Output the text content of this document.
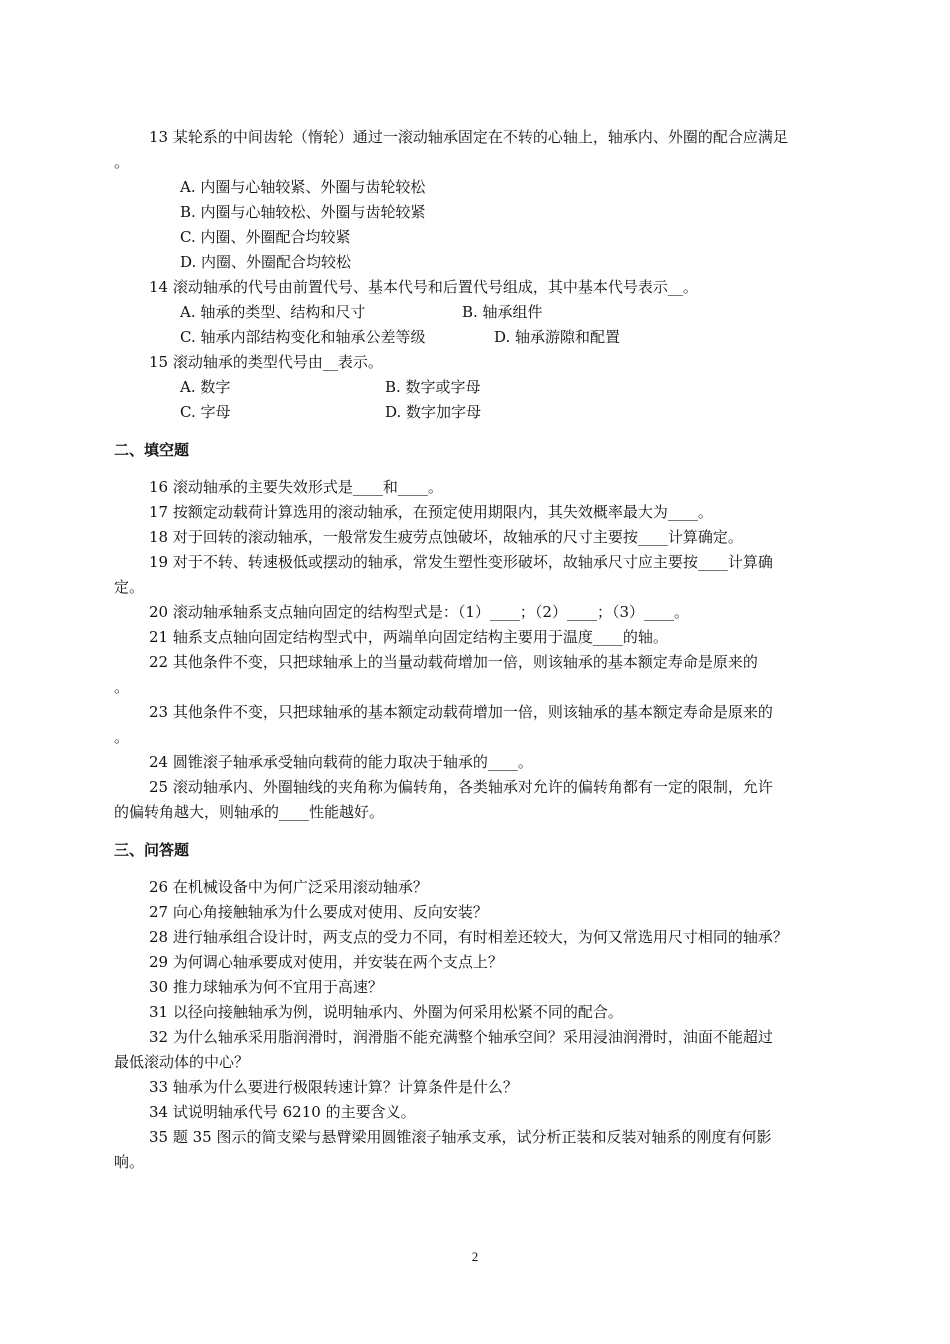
13 某轮系的中间齿轮（惰轮）通过一滚动轴承固定在不转的心轴上，轴承内、外圈的配合应满足
。
A. 内圈与心轴较紧、外圈与齿轮较松
B. 内圈与心轴较松、外圈与齿轮较紧
C. 内圈、外圈配合均较紧
D. 内圈、外圈配合均较松
14 滚动轴承的代号由前置代号、基本代号和后置代号组成，其中基本代号表示__。
A. 轴承的类型、结构和尺寸	B. 轴承组件
C. 轴承内部结构变化和轴承公差等级	D. 轴承游隙和配置
15 滚动轴承的类型代号由__表示。
A. 数字	B. 数字或字母
C. 字母	D. 数字加字母
二、填空题
16 滚动轴承的主要失效形式是____和____。
17 按额定动载荷计算选用的滚动轴承，在预定使用期限内，其失效概率最大为____。
18 对于回转的滚动轴承，一般常发生疲劳点蚀破坏，故轴承的尺寸主要按____计算确定。
19 对于不转、转速极低或摆动的轴承，常发生塑性变形破坏，故轴承尺寸应主要按____计算确
定。
20 滚动轴承轴系支点轴向固定的结构型式是：（1）____；（2）____；（3）____。
21 轴系支点轴向固定结构型式中，两端单向固定结构主要用于温度____的轴。
22 其他条件不变，只把球轴承上的当量动载荷增加一倍，则该轴承的基本额定寿命是原来的
。
23 其他条件不变，只把球轴承的基本额定动载荷增加一倍，则该轴承的基本额定寿命是原来的
。
24 圆锥滚子轴承承受轴向载荷的能力取决于轴承的____。
25 滚动轴承内、外圈轴线的夹角称为偏转角，各类轴承对允许的偏转角都有一定的限制，允许
的偏转角越大，则轴承的____性能越好。
三、问答题
26 在机械设备中为何广泛采用滚动轴承？
27 向心角接触轴承为什么要成对使用、反向安装？
28 进行轴承组合设计时，两支点的受力不同，有时相差还较大，为何又常选用尺寸相同的轴承？
29 为何调心轴承要成对使用，并安装在两个支点上？
30 推力球轴承为何不宜用于高速？
31 以径向接触轴承为例，说明轴承内、外圈为何采用松紧不同的配合。
32 为什么轴承采用脂润滑时，润滑脂不能充满整个轴承空间？采用浸油润滑时，油面不能超过
最低滚动体的中心？
33 轴承为什么要进行极限转速计算？计算条件是什么？
34 试说明轴承代号 6210 的主要含义。
35 题 35 图示的简支梁与悬臂梁用圆锥滚子轴承支承，试分析正装和反装对轴系的刚度有何影
响。
2
